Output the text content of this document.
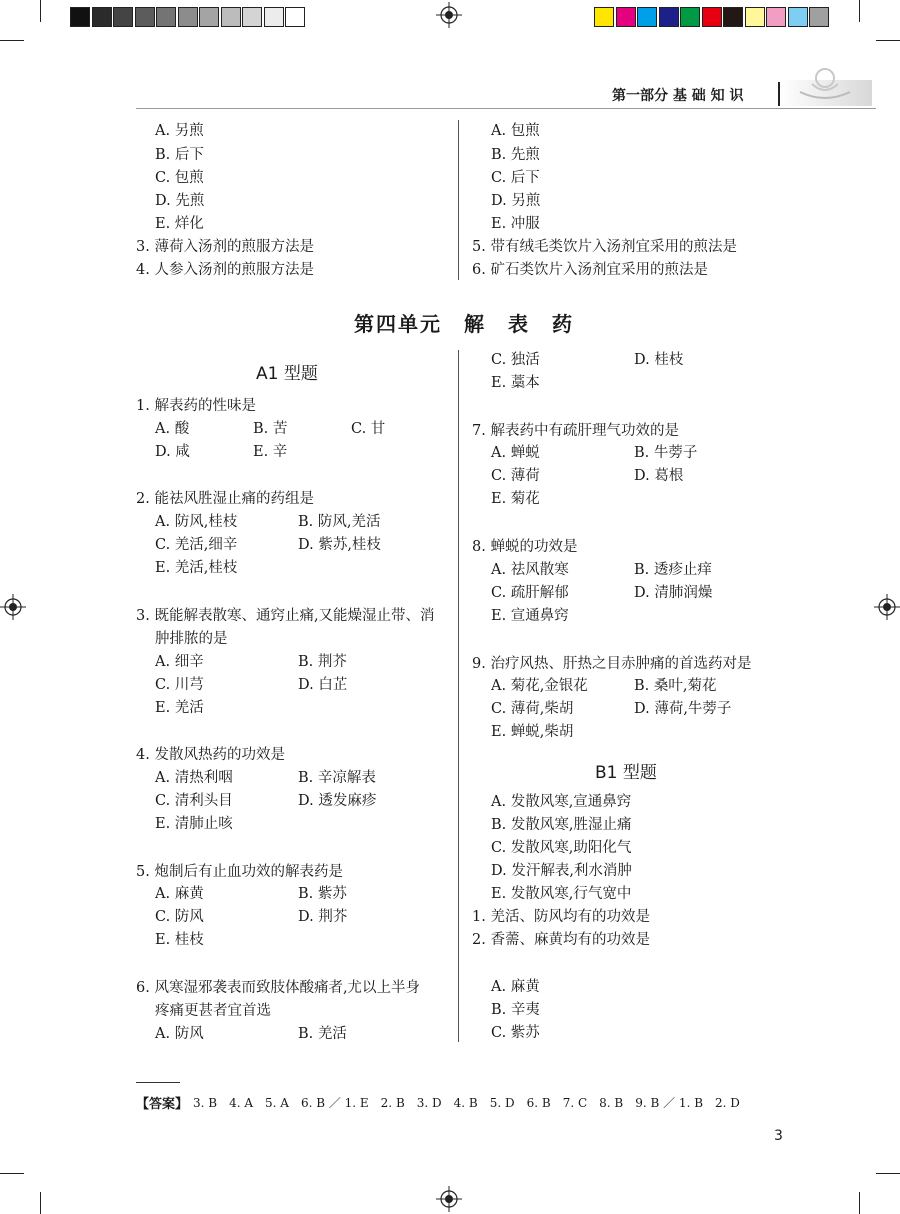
第一部分 基 础 知 识
A. 另煎
B. 后下
C. 包煎
D. 先煎
E. 烊化
3. 薄荷入汤剂的煎服方法是
4. 人参入汤剂的煎服方法是
A. 包煎
B. 先煎
C. 后下
D. 另煎
E. 冲服
5. 带有绒毛类饮片入汤剂宜采用的煎法是
6. 矿石类饮片入汤剂宜采用的煎法是
第四单元　解　表　药
A1 型题
1. 解表药的性味是
A. 酸	B. 苦	C. 甘
D. 咸	E. 辛
2. 能祛风胜湿止痛的药组是
A. 防风,桂枝	B. 防风,羌活
C. 羌活,细辛	D. 紫苏,桂枝
E. 羌活,桂枝
3. 既能解表散寒、通窍止痛,又能燥湿止带、消
肿排脓的是
A. 细辛	B. 荆芥
C. 川芎	D. 白芷
E. 羌活
4. 发散风热药的功效是
A. 清热利咽	B. 辛凉解表
C. 清利头目	D. 透发麻疹
E. 清肺止咳
5. 炮制后有止血功效的解表药是
A. 麻黄	B. 紫苏
C. 防风	D. 荆芥
E. 桂枝
6. 风寒湿邪袭表而致肢体酸痛者,尤以上半身
疼痛更甚者宜首选
A. 防风	B. 羌活
C. 独活	D. 桂枝
E. 藁本
7. 解表药中有疏肝理气功效的是
A. 蝉蜕	B. 牛蒡子
C. 薄荷	D. 葛根
E. 菊花
8. 蝉蜕的功效是
A. 祛风散寒	B. 透疹止痒
C. 疏肝解郁	D. 清肺润燥
E. 宣通鼻窍
9. 治疗风热、肝热之目赤肿痛的首选药对是
A. 菊花,金银花	B. 桑叶,菊花
C. 薄荷,柴胡	D. 薄荷,牛蒡子
E. 蝉蜕,柴胡
B1 型题
A. 发散风寒,宣通鼻窍
B. 发散风寒,胜湿止痛
C. 发散风寒,助阳化气
D. 发汗解表,利水消肿
E. 发散风寒,行气宽中
1. 羌活、防风均有的功效是
2. 香薷、麻黄均有的功效是
A. 麻黄
B. 辛夷
C. 紫苏
【答案】 3. B　4. A　5. A　6. B ／ 1. E　2. B　3. D　4. B　5. D　6. B　7. C　8. B　9. B ／ 1. B　2. D
3
